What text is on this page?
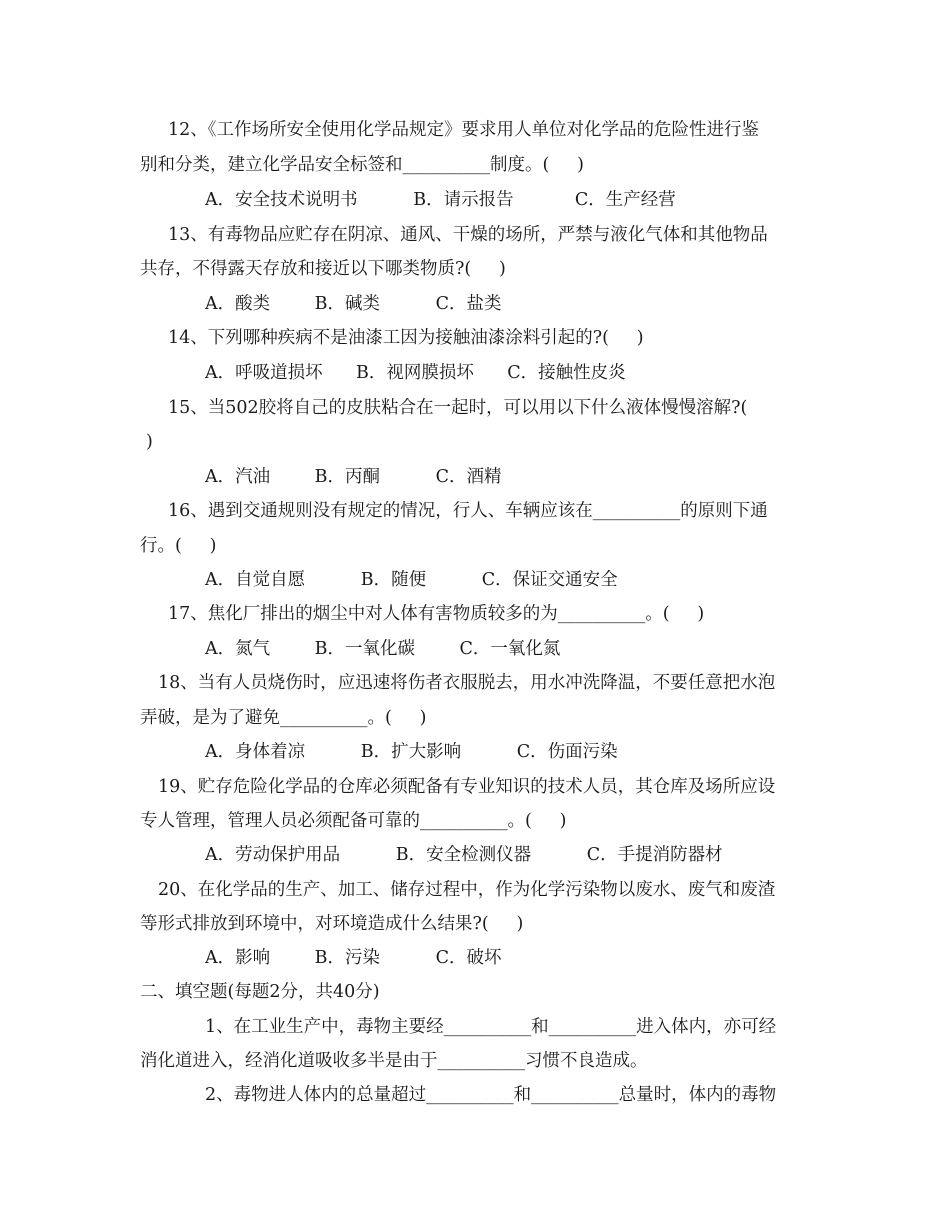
12、《工作场所安全使用化学品规定》要求用人单位对化学品的危险性进行鉴
别和分类，建立化学品安全标签和__________制度。(     )
A．安全技术说明书          B．请示报告           C．生产经营
13、有毒物品应贮存在阴凉、通风、干燥的场所，严禁与液化气体和其他物品
共存，不得露天存放和接近以下哪类物质?(     )
A．酸类        B．碱类          C．盐类
14、下列哪种疾病不是油漆工因为接触油漆涂料引起的?(     )
A．呼吸道损坏      B．视网膜损坏      C．接触性皮炎
15、当502胶将自己的皮肤粘合在一起时，可以用以下什么液体慢慢溶解?(
)
A．汽油        B．丙酮          C．酒精
16、遇到交通规则没有规定的情况，行人、车辆应该在__________的原则下通
行。(     )
A．自觉自愿          B．随便          C．保证交通安全
17、焦化厂排出的烟尘中对人体有害物质较多的为__________。(     )
A．氮气        B．一氧化碳        C．一氧化氮
18、当有人员烧伤时，应迅速将伤者衣服脱去，用水冲洗降温，不要任意把水泡
弄破，是为了避免__________。(     )
A．身体着凉          B．扩大影响          C．伤面污染
19、贮存危险化学品的仓库必须配备有专业知识的技术人员，其仓库及场所应设
专人管理，管理人员必须配备可靠的__________。(     )
A．劳动保护用品          B．安全检测仪器          C．手提消防器材
20、在化学品的生产、加工、储存过程中，作为化学污染物以废水、废气和废渣
等形式排放到环境中，对环境造成什么结果?(     )
A．影响        B．污染          C．破坏
二、填空题(每题2分，共40分)
1、在工业生产中，毒物主要经__________和__________进入体内，亦可经
消化道进入，经消化道吸收多半是由于__________习惯不良造成。
2、毒物进人体内的总量超过__________和__________总量时，体内的毒物
